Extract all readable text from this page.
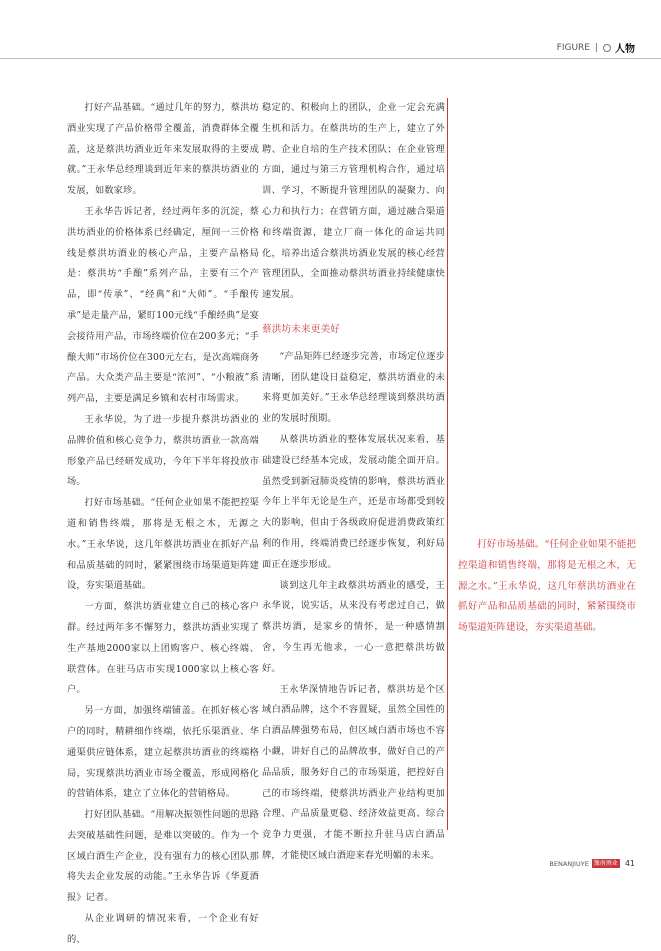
FIGURE	人物

打好产品基础。“通过几年的努力，蔡洪坊酒业实现了产品价格带全覆盖，消费群体全覆盖，这是蔡洪坊酒业近年来发展取得的主要成就。”王永华总经理谈到近年来的蔡洪坊酒业的发展，如数家珍。

王永华告诉记者，经过两年多的沉淀，蔡洪坊酒业的价格体系已经确定，厘间一三价格线是蔡洪坊酒业的核心产品，主要产品格局是：蔡洪坊“手酿”系列产品，主要有三个产品，即“传承”、“经典”和“大师”。“手酿传承”是走量产品，紧盯100元线“手酿经典”是宴会接待用产品，市场终端价位在200多元；“手酿大师”市场价位在300元左右，是次高端商务产品。大众类产品主要是“浓河”、“小粮液”系列产品，主要是满足乡镇和农村市场需求。

王永华说，为了进一步提升蔡洪坊酒业的品牌价值和核心竞争力，蔡洪坊酒业一款高端形象产品已经研发成功，今年下半年将投放市场。

打好市场基础。“任何企业如果不能把控渠道和销售终端，那将是无根之木，无源之水。”王永华说，这几年蔡洪坊酒业在抓好产品和品质基础的同时，紧紧围绕市场渠道矩阵建设，夯实渠道基础。

一方面，蔡洪坊酒业建立自己的核心客户群。经过两年多不懈努力，蔡洪坊酒业实现了生产基地2000家以上团购客户、核心终端、联营体。在驻马店市实现1000家以上核心客户。

另一方面，加强终端铺盖。在抓好核心客户的同时，精耕细作终端，依托乐渠酒业、华通渠供应链体系，建立起蔡洪坊酒业的终端格局，实现蔡洪坊酒业市场全覆盖，形成网格化的营销体系，建立了立体化的营销格局。

打好团队基础。“用解决振领性问题的思路去突破基础性问题，是难以突破的。作为一个区域白酒生产企业，没有强有力的核心团队那将失去企业发展的动能。”王永华告诉《华夏酒报》记者。

从企业调研的情况来看，一个企业有好的、

稳定的、积极向上的团队，企业一定会充满生机和活力。在蔡洪坊的生产上，建立了外聘、企业自培的生产技术团队；在企业管理方面，通过与第三方管理机构合作，通过培训、学习，不断提升管理团队的凝聚力、向心力和执行力；在营销方面，通过融合渠道和终端资源，建立厂商一体化的命运共同化，培养出适合蔡洪坊酒业发展的核心经营管理团队，全面推动蔡洪坊酒业持续健康快速发展。

蔡洪坊未来更美好

“产品矩阵已经逐步完善，市场定位逐步清晰，团队建设日益稳定，蔡洪坊酒业的未来将更加美好。”王永华总经理谈到蔡洪坊酒业的发展时预期。

从蔡洪坊酒业的整体发展状况来看，基础建设已经基本完成，发展动能全面开启。虽然受到新冠肺炎疫情的影响，蔡洪坊酒业今年上半年无论是生产，还是市场都受到较大的影响，但由于各级政府促进消费政策红利的作用，终端消费已经逐步恢复，利好局面正在逐步形成。

谈到这几年主政蔡洪坊酒业的感受，王永华说，说实话，从来没有考虑过自己，做蔡洪坊酒，是家乡的情怀，是一种感情割舍，今生再无他求，一心一意把蔡洪坊做好。

王永华深情地告诉记者，蔡洪坊是个区域白酒品牌，这个不容置疑，虽然全国性的白酒品牌强势布局，但区域白酒市场也不容小觑，讲好自己的品牌故事，做好自己的产品品质，服务好自己的市场渠道，把控好自己的市场终端，使蔡洪坊酒业产业结构更加合理、产品质量更稳、经济效益更高、综合竞争力更强，才能不断拉升驻马店白酒品牌，才能使区域白酒迎来春光明媚的未来。

打好市场基础。“任何企业如果不能把控渠道和销售终端，那将是无根之木，无源之水。”王永华说，这几年蔡洪坊酒业在抓好产品和品质基础的同时，紧紧围绕市场渠道矩阵建设，夯实渠道基础。
BENANJIUYE 豫南酒业 41
